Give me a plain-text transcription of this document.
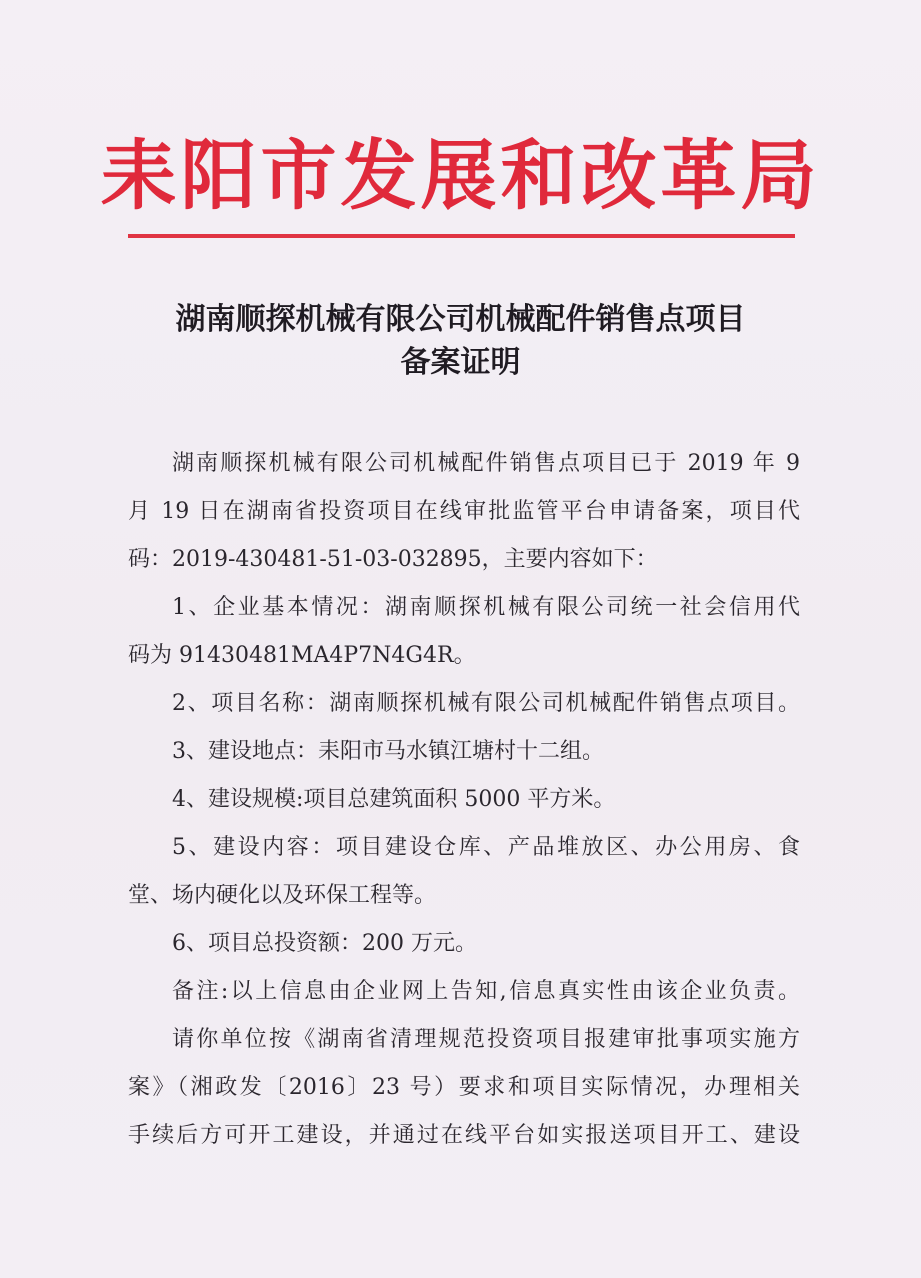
耒阳市发展和改革局
湖南顺探机械有限公司机械配件销售点项目
备案证明
湖南顺探机械有限公司机械配件销售点项目已于 2019 年 9
月 19 日在湖南省投资项目在线审批监管平台申请备案，项目代
码：2019-430481-51-03-032895，主要内容如下：
1、企业基本情况：湖南顺探机械有限公司统一社会信用代
码为 91430481MA4P7N4G4R。
2、项目名称：湖南顺探机械有限公司机械配件销售点项目。
3、建设地点：耒阳市马水镇江塘村十二组。
4、建设规模:项目总建筑面积 5000 平方米。
5、建设内容：项目建设仓库、产品堆放区、办公用房、食
堂、场内硬化以及环保工程等。
6、项目总投资额：200 万元。
备注:以上信息由企业网上告知,信息真实性由该企业负责。
请你单位按《湖南省清理规范投资项目报建审批事项实施方
案》（湘政发〔2016〕23 号）要求和项目实际情况，办理相关
手续后方可开工建设，并通过在线平台如实报送项目开工、建设
